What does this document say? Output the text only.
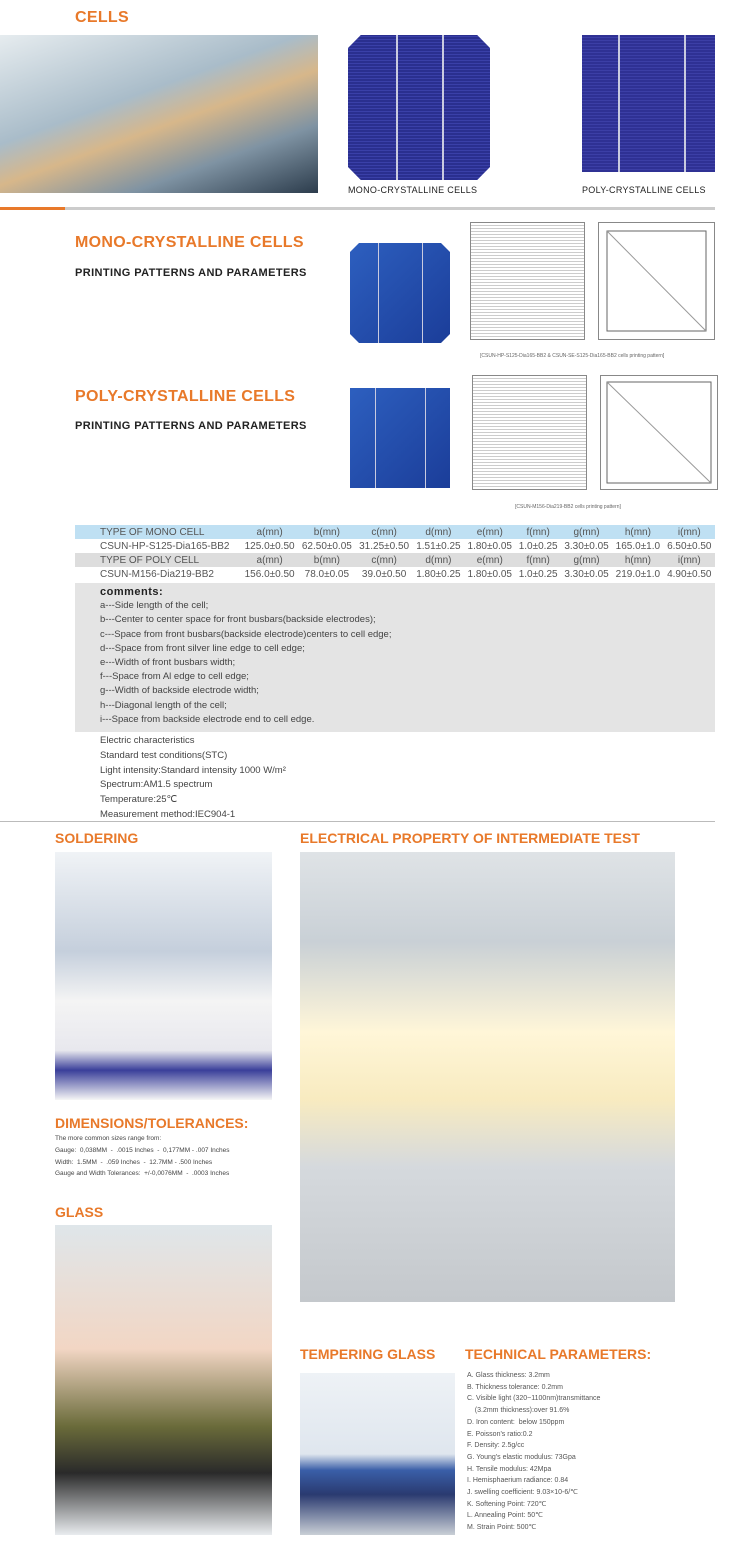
CELLS
MONO-CRYSTALLINE CELLS	POLY-CRYSTALLINE CELLS
MONO-CRYSTALLINE CELLS
PRINTING PATTERNS AND PARAMETERS
[CSUN-HP-S125-Dia165-BB2 & CSUN-SE-S125-Dia165-BB2 cells printing pattern]
POLY-CRYSTALLINE CELLS
PRINTING PATTERNS AND PARAMETERS
[CSUN-M156-Dia219-BB2 cells printing pattern]
TYPE OF MONO CELL	a(mn)	b(mn)	c(mn)	d(mn)	e(mn)	f(mn)	g(mn)	h(mn)	i(mn)
CSUN-HP-S125-Dia165-BB2	125.0±0.50	62.50±0.05	31.25±0.50	1.51±0.25	1.80±0.05	1.0±0.25	3.30±0.05	165.0±1.0	6.50±0.50
TYPE OF POLY CELL	a(mn)	b(mn)	c(mn)	d(mn)	e(mn)	f(mn)	g(mn)	h(mn)	i(mn)
CSUN-M156-Dia219-BB2	156.0±0.50	78.0±0.05	39.0±0.50	1.80±0.25	1.80±0.05	1.0±0.25	3.30±0.05	219.0±1.0	4.90±0.50
comments:
a---Side length of the cell;
b---Center to center space for front busbars(backside electrodes);
c---Space from front busbars(backside electrode)centers to cell edge;
d---Space from front silver line edge to cell edge;
e---Width of front busbars width;
f---Space from Al edge to cell edge;
g---Width of backside electrode width;
h---Diagonal length of the cell;
i---Space from backside electrode end to cell edge.
Electric characteristics
Standard test conditions(STC)
Light intensity:Standard intensity 1000 W/m²
Spectrum:AM1.5 spectrum
Temperature:25℃
Measurement method:IEC904-1
SOLDERING	ELECTRICAL PROPERTY OF INTERMEDIATE TEST
DIMENSIONS/TOLERANCES:
The more common sizes range from:
Gauge:  0,038MM  -  .0015 Inches  -  0,177MM - .007 Inches
Width:  1.5MM  -  .059 Inches  -  12.7MM - .500 Inches
Gauge and Width Tolerances:  +/-0,0076MM  -  .0003 Inches
GLASS
TEMPERING GLASS TECHNICAL PARAMETERS:
A. Glass thickness: 3.2mm
B. Thickness tolerance: 0.2mm
C. Visible light (320~1100nm)transmittance
(3.2mm thickness):over 91.6%
D. Iron content:  below 150ppm
E. Poisson's ratio:0.2
F. Density: 2.5g/cc
G. Young's elastic modulus: 73Gpa
H. Tensile modulus: 42Mpa
I. Hemisphaerium radiance: 0.84
J. swelling coefficient: 9.03×10-6/℃
K. Softening Point: 720℃
L. Annealing Point: 50℃
M. Strain Point: 500℃
